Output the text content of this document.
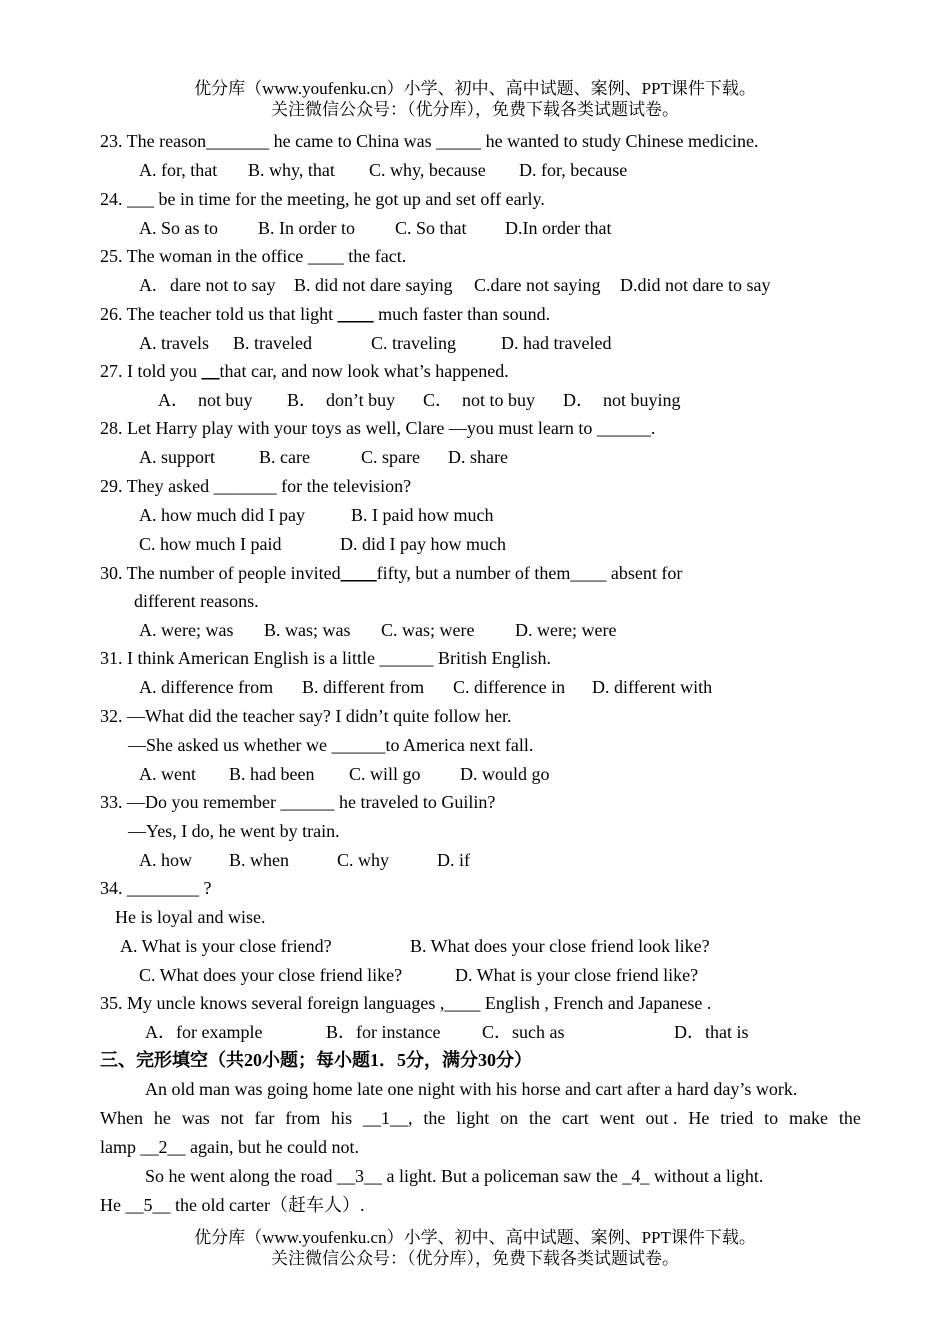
优分库（www.youfenku.cn）小学、初中、高中试题、案例、PPT课件下载。
关注微信公众号：（优分库），免费下载各类试题试卷。
23. The reason_______ he came to China was _____ he wanted to study Chinese medicine.
A. for, that B. why, that C. why, because D. for, because
24. ___ be in time for the meeting, he got up and set off early.
A. So as to B. In order to C. So that D.In order that
25. The woman in the office ____ the fact.
A.   dare not to say B. did not dare saying C.dare not saying D.did not dare to say
26. The teacher told us that light ____ much faster than sound.
A. travels B. traveled	C. traveling	D. had traveled
27. I told you __that car, and now look what’s happened.
A．  not buy B．  don’t buy C．  not to buy D．  not buying
28. Let Harry play with your toys as well, Clare —you must learn to ______.
A. support B. care	C. spare D. share
29. They asked _______ for the television?
A. how much did I pay	B. I paid how much
C. how much I paid	D. did I pay how much
30. The number of people invited____fifty, but a number of them____ absent for
different reasons.
A. were; was B. was; was C. was; were D. were; were
31. I think American English is a little ______ British English.
A. difference from B. different from C. difference in D. different with
32. —What did the teacher say? I didn’t quite follow her.
—She asked us whether we ______to America next fall.
A. went B. had been C. will go D. would go
33. —Do you remember ______ he traveled to Guilin?
—Yes, I do, he went by train.
A. how B. when	C. why	D. if
34. ________ ?
He is loyal and wise.
A. What is your close friend?	B. What does your close friend look like?
C. What does your close friend like?	D. What is your close friend like?
35. My uncle knows several foreign languages ,____ English , French and Japanese .
A．for example	B．for instance C．such as	D．that is
三、完形填空（共20小题；每小题1．5分，满分30分）
An old man was going home late one night with his horse and cart after a hard day’s work.
When he was not far from his __1__, the light on the cart went out . He tried to make the
lamp __2__ again, but he could not.
So he went along the road __3__ a light. But a policeman saw the _4_ without a light.
He __5__ the old carter（赶车人）.
优分库（www.youfenku.cn）小学、初中、高中试题、案例、PPT课件下载。
关注微信公众号：（优分库），免费下载各类试题试卷。
